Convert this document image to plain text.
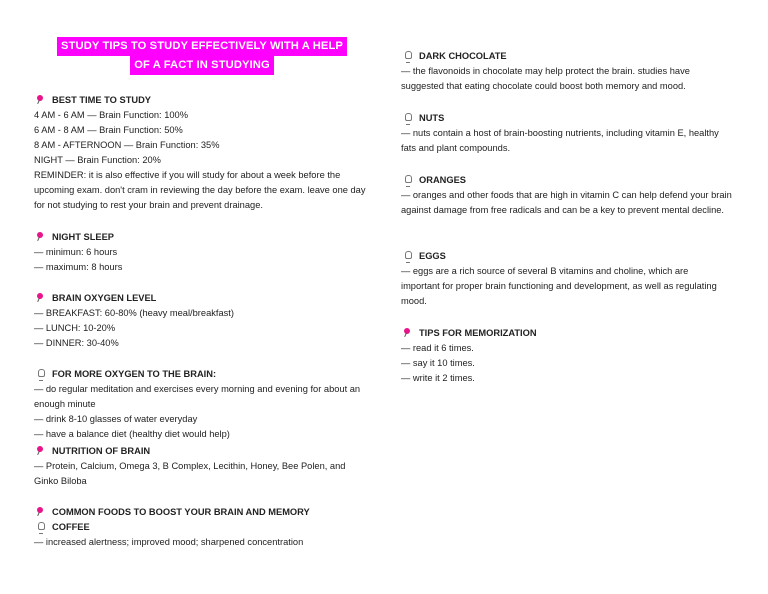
STUDY TIPS TO STUDY EFFECTIVELY WITH A HELP
OF A FACT IN STUDYING
BEST TIME TO STUDY
4 AM - 6 AM — Brain Function: 100%
6 AM - 8 AM — Brain Function: 50%
8 AM - AFTERNOON — Brain Function: 35%
NIGHT — Brain Function: 20%
REMINDER: it is also effective if you will study for about a week before the upcoming exam. don't cram in reviewing the day before the exam. leave one day for not studying to rest your brain and prevent drainage.
NIGHT SLEEP
— minimun: 6 hours
— maximum: 8 hours
BRAIN OXYGEN LEVEL
— BREAKFAST: 60-80% (heavy meal/breakfast)
— LUNCH: 10-20%
— DINNER: 30-40%
FOR MORE OXYGEN TO THE BRAIN:
— do regular meditation and exercises every morning and evening for about an enough minute
— drink 8-10 glasses of water everyday
— have a balance diet (healthy diet would help)
NUTRITION OF BRAIN
— Protein, Calcium, Omega 3, B Complex, Lecithin, Honey, Bee Polen, and Ginko Biloba
COMMON FOODS TO BOOST YOUR BRAIN AND MEMORY
COFFEE
— increased alertness; improved mood; sharpened concentration
DARK CHOCOLATE
— the flavonoids in chocolate may help protect the brain. studies have suggested that eating chocolate could boost both memory and mood.
NUTS
— nuts contain a host of brain-boosting nutrients, including vitamin E, healthy fats and plant compounds.
ORANGES
— oranges and other foods that are high in vitamin C can help defend your brain against damage from free radicals and can be a key to prevent mental decline.
EGGS
— eggs are a rich source of several B vitamins and choline, which are important for proper brain functioning and development, as well as regulating mood.
TIPS FOR MEMORIZATION
— read it 6 times.
— say it 10 times.
— write it 2 times.
